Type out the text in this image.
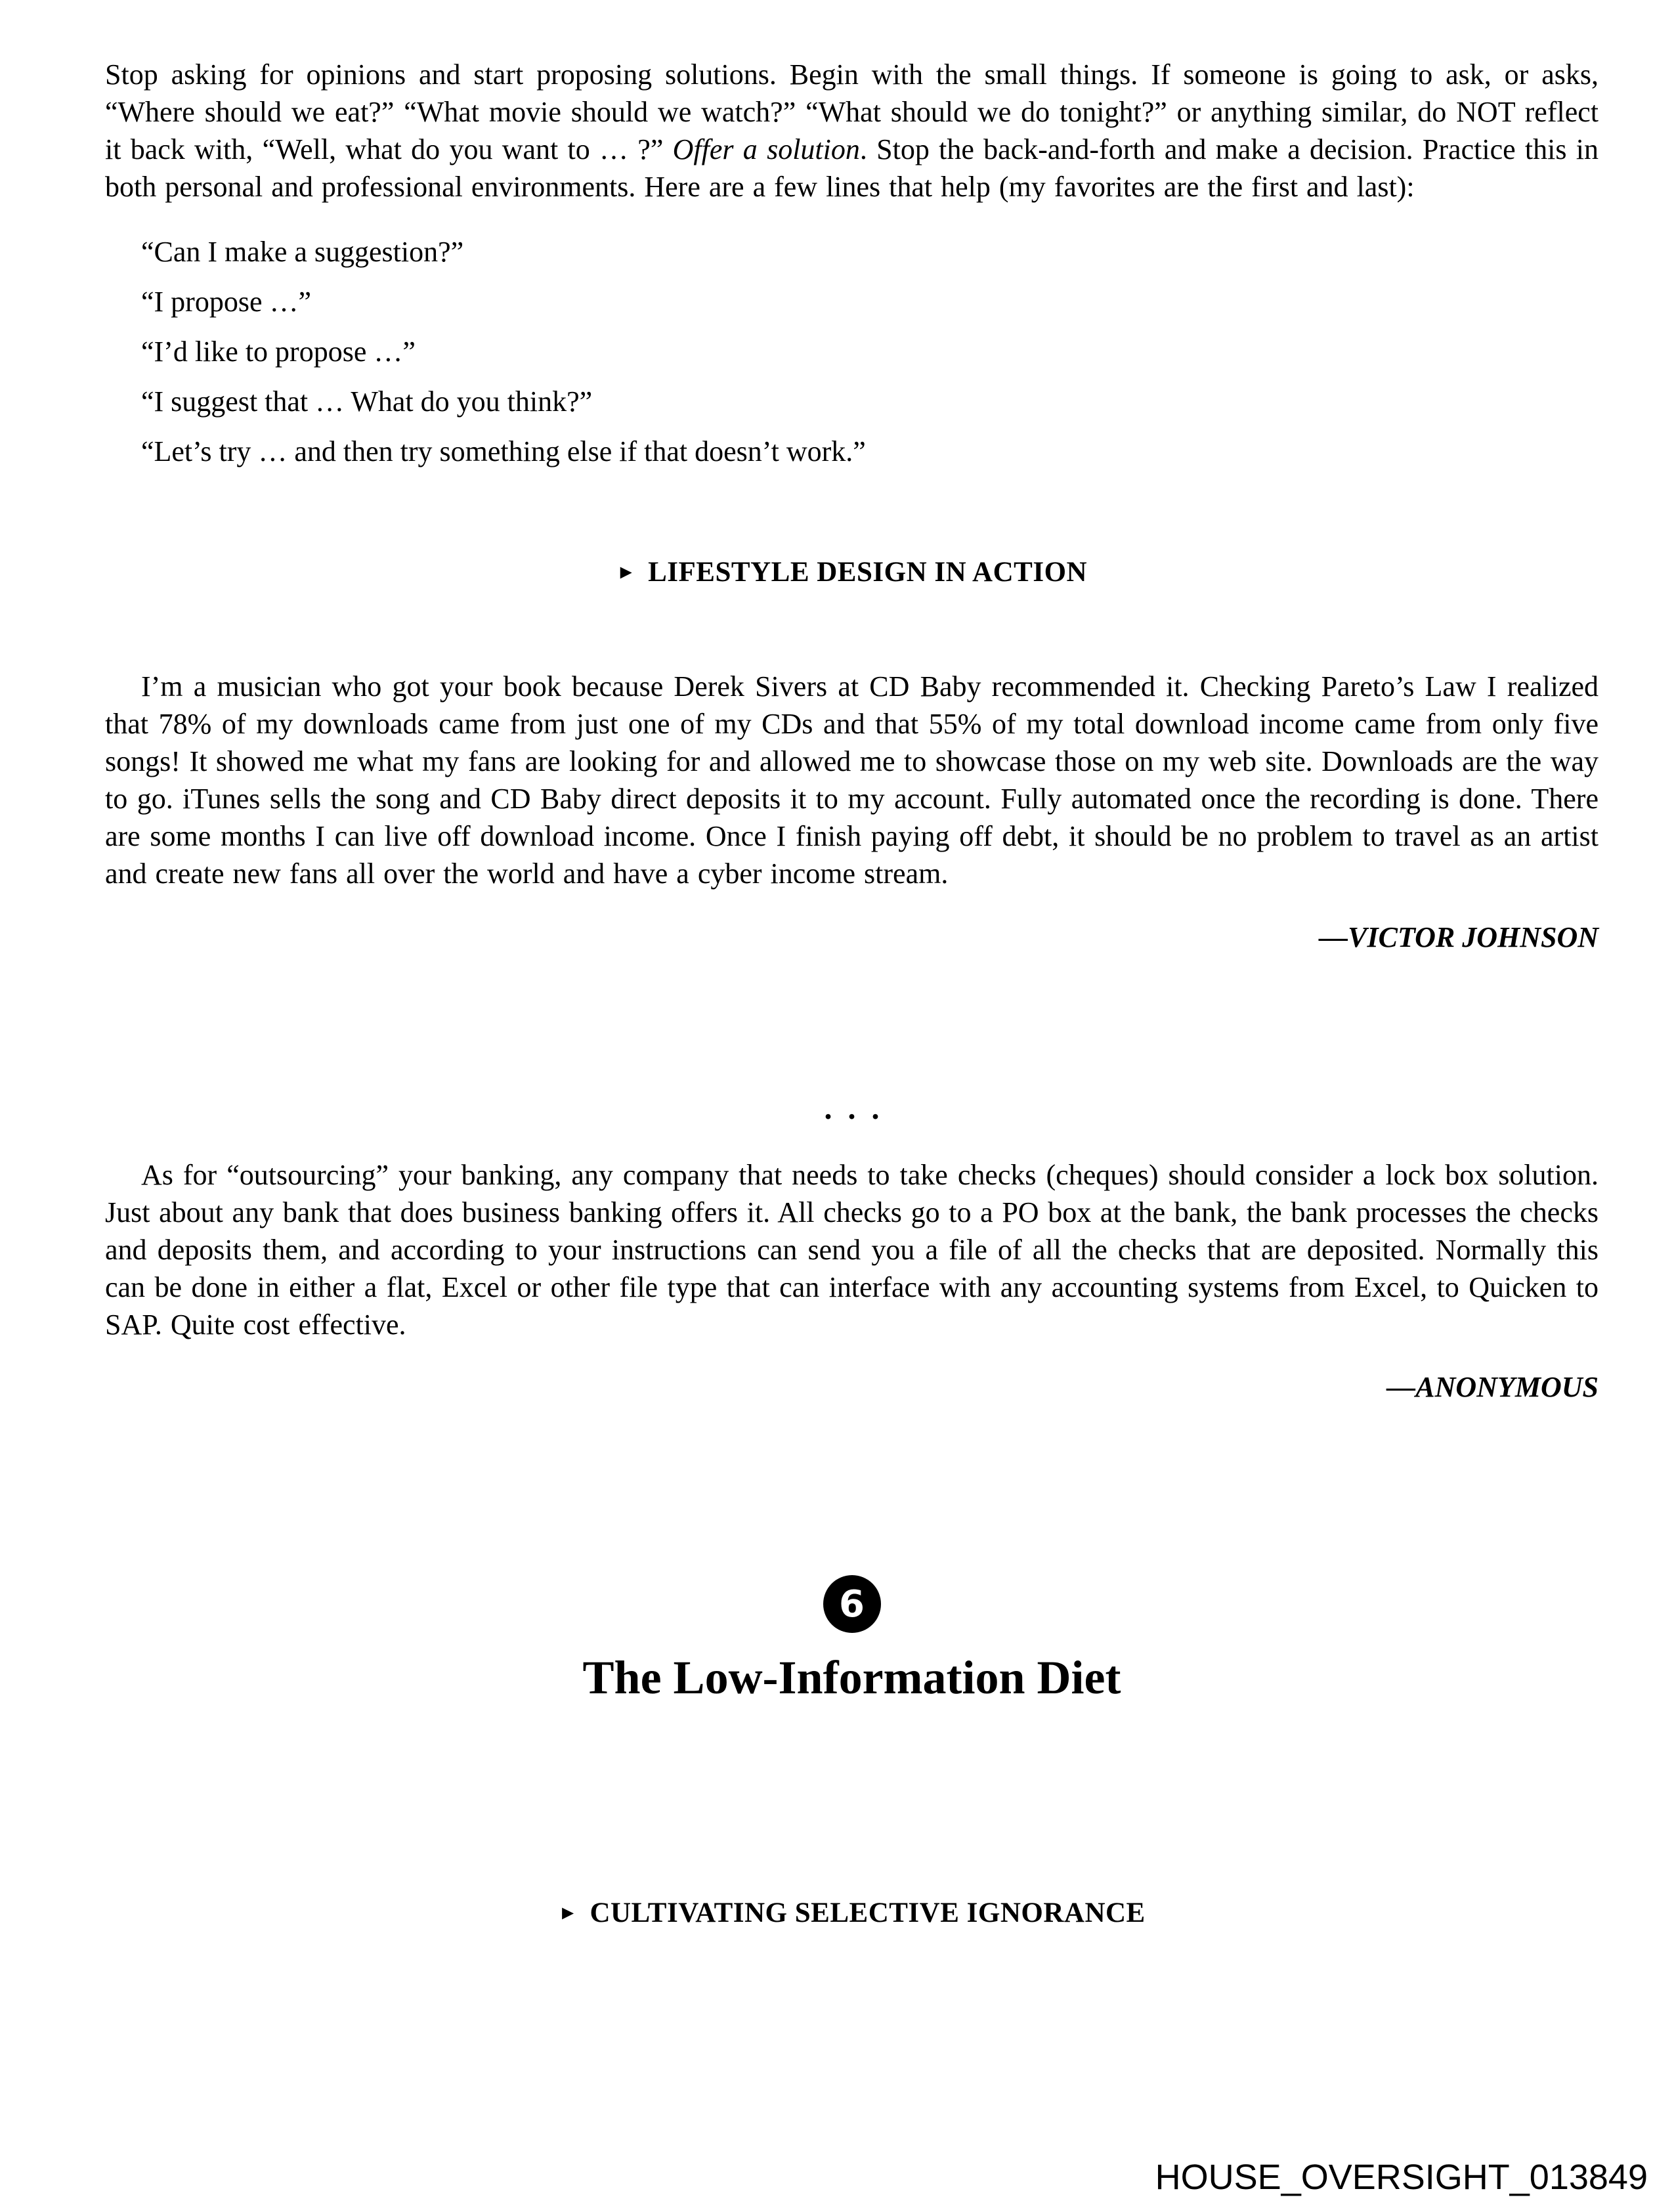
Stop asking for opinions and start proposing solutions. Begin with the small things. If someone is going to ask, or asks, “Where should we eat?” “What movie should we watch?” “What should we do tonight?” or anything similar, do NOT reflect it back with, “Well, what do you want to … ?” Offer a solution. Stop the back-and-forth and make a decision. Practice this in both personal and professional environments. Here are a few lines that help (my favorites are the first and last):

“Can I make a suggestion?”

“I propose …”

“I’d like to propose …”

“I suggest that … What do you think?”

“Let’s try … and then try something else if that doesn’t work.”

► LIFESTYLE DESIGN IN ACTION

I’m a musician who got your book because Derek Sivers at CD Baby recommended it. Checking Pareto’s Law I realized that 78% of my downloads came from just one of my CDs and that 55% of my total download income came from only five songs! It showed me what my fans are looking for and allowed me to showcase those on my web site. Downloads are the way to go. iTunes sells the song and CD Baby direct deposits it to my account. Fully automated once the recording is done. There are some months I can live off download income. Once I finish paying off debt, it should be no problem to travel as an artist and create new fans all over the world and have a cyber income stream.

—VICTOR JOHNSON

...

As for “outsourcing” your banking, any company that needs to take checks (cheques) should consider a lock box solution. Just about any bank that does business banking offers it. All checks go to a PO box at the bank, the bank processes the checks and deposits them, and according to your instructions can send you a file of all the checks that are deposited. Normally this can be done in either a flat, Excel or other file type that can interface with any accounting systems from Excel, to Quicken to SAP. Quite cost effective.

—ANONYMOUS

6
The Low-Information Diet
► CULTIVATING SELECTIVE IGNORANCE
HOUSE_OVERSIGHT_013849
